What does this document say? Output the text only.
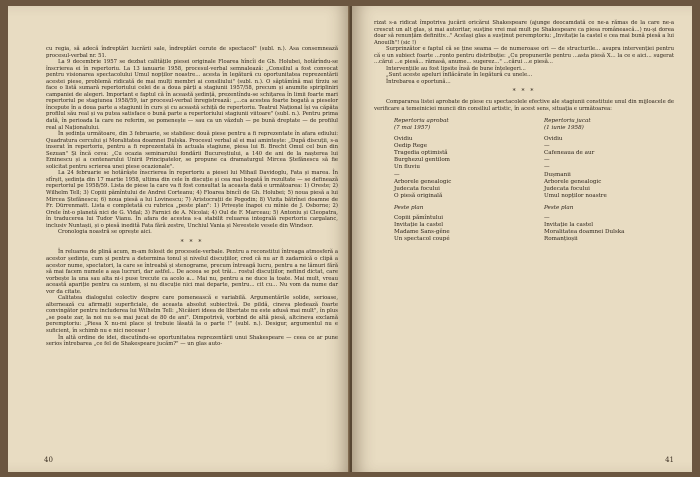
cu regia, să adecă îndreptări lucrării sale, îndreptări cerute de spectacol" (subl. n.). Asa consemnează procesul-verbal nr. 51.

La 9 decembrie 1957 se dezbat calitățile piesei originale Floarea hîncîi de Gh. Holubei, hotărîndu-se înscrierea ei în repertoriu. La 13 ianuarie 1958, procesul-verbal semnalează: „Consiliul a fost convocat pentru visionarea spectacolului Umul nopților noastre... acesta în legătură cu oportunitatea reprezentării acestei piese, problemă ridicată de mai mulți membri ai consiliului" (subl. n.). O săptămînă mai tîrziu se face o listă sumară repertoriului celei de a doua părți a stagiunii 1957/58, precum și anumite spiripliniri campaniei de alegeri. Important e faptul că în această ședință, prezentîndu-se schițarea în limii foarte mari repertoriul pe stagiunea 1958/59, iar procesul-verbal înregistrează: „...ca acestea foarte bogată a pieselor începute în a doua parte a stagiunii în curs și cu această schiță de repertoriu. Teatrul Național își va căpăta profilul său real și va putea satisface o bună parte a repertoriului stagiunii viitoare" (subl. n.). Pentru prima dată, în perioada la care ne referim, se pomenește — sau ca un văzduh — pe bună dreptate — de profilul real al Naționalului.

În ședința următoare, din 3 februarie, se stabilesc două piese pentru a fi reprezentate în afara ediului: Quadratura cercului și Moralitatea doamnei Dulska. Procesul verbal al ei mai amintește: „După discuții, s-a inserat în repertoriu, pentru a fi reprezentată în actuala stagiune, piesa lui B. Brecht Omul cel bun din Sezuan" Și încă ceva: „Cu ocazia seminarului fondării Bucureștiului, a 140 de ani de la nașterea lui Eminescu și a centenarului Unirii Principatelor, se propune ca dramaturgul Mircea Ștefănescu să fie solicitat pentru scrierea unei piese ocazionale".

La 24 februarie se hotărăște înscrierea în repertoriu a piesei lui Mihail Davidoglu, Fata și marea. În sfîrșit, ședința din 17 martie 1958, ultima din cele în discuție și cea mai bogată în rezultate — se definează repertoriul pe 1958/59. Lista de piese la care va fi fost consultat la aceasta dată e următoarea: 1) Oreste; 2) Wilhelm Tell; 3) Copiii pămîntului de Andrei Corteanu; 4) Floarea bincîi de Gh. Holubei; 5) noua piesă a lui Mircea Ștefănescu; 6) noua piesă a lui Lovinescu; 7) Aristocrații de Pogodin; 8) Vizita bătrînei doamne de Fr. Dürrenmatt. Lista e completată cu rubrica „peste plan": 1) Privește înapoi cu mînie de J. Osborne; 2) Orele înt-o planetă nici de G. Vidal; 3) Farnici de A. Nicolai; 4) Oul de F. Marceau; 5) Antoniu și Cleopatra, în traducerea lui Tudor Vianu. În afara de acestea s-a stabilit reluarea integrală repertoriu cargalanc, inclusiv Nuntașii, și o piesă inedită Fata fără zestre, Unchiul Vania și Nevestele vesele din Windsor.

Cronologia noastră se oprește aici.

* * *

În reluarea de plină acum, m-am folosit de procesele-verbale. Pentru a reconstitui întreaga atmosferă a acestor ședințe, cum și pentru a determina tonul și nivelul discuțiilor, cred că nu ar fi zadarnică o clipă a acestor nume, spectatori, la care se întreabă și stenograme, precum întreagă lucru, pentru a ne lămuri fără să mai facem numele a așa lucruri, dar astfel... De aceea se pot trăi... rostul discuțiilor, nefiind dictat, care vorbește la una sau alta ni-i puse trecute ca acolo a... Mai nu, pentru a ne duce la toate. Mai mult, vreau această apariție pentru ca suntem, și nu discuție nici mai departe, pentru... cit cu... Nu vom da nume dar vor da citate.

Calitatea dialogului colectiv despre care pomenească e variabilă. Argumentările solide, serioase, alternează cu afirmații superficiale, de aceasta absolut subiectivă. De pildă, cineva pledează foarte convingător pentru includerea lui Wilhelm Tell: „Nicăieri ideea de libertate nu este adusă mai mult", în plus „se poate zar, la noi nu s-a mai jucat de 80 de ani". Dimpotrivă, vorbind de altă piesă, altcineva exclamă peremptoriu: „Piesa X nu-mi place și trebuie lăsată la o parte !" (subl. n.). Desigur, argumentul nu e suficient, în schimb nu e nici necesar !

În altă ordine de idei, discutîndu-se oportunitatea reprezentării unui Shakespeare — ceea ce ar pune serios întrebarea „ce fel de Shakespeare jucăm?" — un glas auto-

40

rizat s-a ridicat împotriva jucării oricărui Shakespeare (ajunge deocamdată ce ne-a rămas de la care ne-a crescut un alt glas, și mai autoritar, susține vrei mai mult pe Shakespeare ca piesa românească...) nu-și dorea doar să renunțăm definitiv..." Același glas a susținut peremptoriu: „Invitație la castel e cea mai bună piesă a lui Anouilh"! (sic !)

Surprinzător e faptul că se ține seama — de numeroase ori — de structurile... asupra intervenției pentru că e un subiect foarte ...ronto pentru distribuție: „Cu propunerile pentru ...asta piesă X... la ce e aici... sugerat ...cărui ...e piesă... rămasă, anume... sugerez..." ...cărui ...e piesă...

Intervențiile au fost lipsite însă de bune înțelegeri...

„Sunt aceste apeluri înflăcărate în legătură cu unele...

Întrebarea e oportună...

* * *

Compararea listei aprobate de piese cu spectacolele efective ale stagiunii constituie unul din mijloacele de verificare a temeiniciei muncii din consiliul artistic, în acest sens, situația e următoarea:

Repertoriu aprobat
(7 mai 1957)
Ovidiu
Oedip Rege
Tragedia optimistă
Burghezul gentilom
Un fluviu
—
Arborele genealogic
Judecata focului
O piesă originală
Peste plan
Copiii pămîntului
Invitație la castel
Madame Sans-gêne
Un spectacol coupé
Repertoriu jucat
(1 iunie 1958)
Ovidiu
—
Cafeneaua de aur
—
—
Dușmanii
Arborele genealogic
Judecata focului
Umul nopților noastre
Peste plan
—
Invitație la castel
Moralitatea doamnei Dulska
Romanțioșii
41
